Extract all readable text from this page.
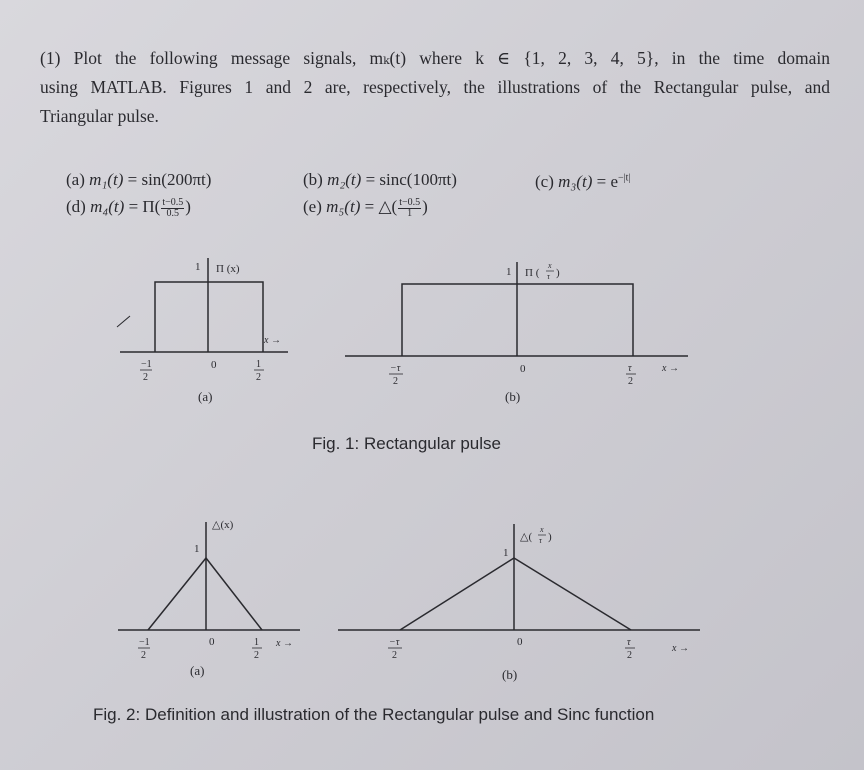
(1) Plot the following message signals, mₖ(t) where k ∈ {1, 2, 3, 4, 5}, in the time domain
using MATLAB. Figures 1 and 2 are, respectively, the illustrations of the Rectangular pulse, and
Triangular pulse.
(a) m₁(t) = sin(200πt)	(b) m₂(t) = sinc(100πt)	(c) $m_3(t) = e^{-|t|}$
(d) $m_4(t) = \Pi( \frac{t-0.5}{0.5}$ )	(e) m₅(t) = △( $\frac{t-0.5}{1}$ )
1 Π (x)
x →
−1
2
0	1
2
(a)
1 Π (
x
τ )
x →
−τ
2
0	τ
2
(b)
△(x)
1
x →
−1
2
0	1
2
(a)
△(
x
τ )
1
x →
−τ
2
0	τ
2
(b)
Fig. 1: Rectangular pulse
Fig. 2: Definition and illustration of the Rectangular pulse and Sinc function
